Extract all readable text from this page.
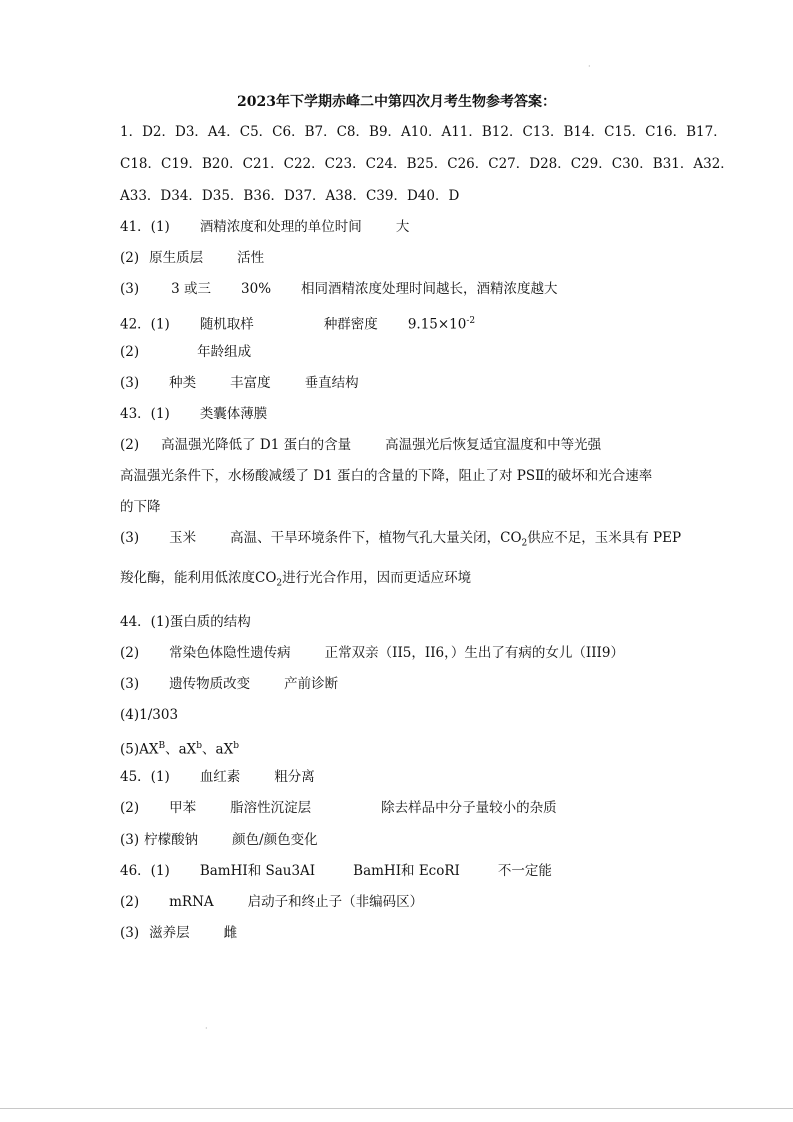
·
2023年下学期赤峰二中第四次月考生物参考答案：
1．D2．D3．A4．C5．C6．B7．C8．B9．A10．A11．B12．C13．B14．C15．C16．B17．
C18．C19．B20．C21．C22．C23．C24．B25．C26．C27．D28．C29．C30．B31．A32．
A33．D34．D35．B36．D37．A38．C39．D40．D
41．(1) 酒精浓度和处理的单位时间	大
(2) 原生质层	活性
(3) 3 或三 30% 相同酒精浓度处理时间越长，酒精浓度越大
42．(1) 随机取样	种群密度 $9.15\times 10^{-2}$
(2)	年龄组成
(3) 种类	丰富度	垂直结构
43．(1) 类囊体薄膜
(2) 高温强光降低了 D1 蛋白的含量	高温强光后恢复适宜温度和中等光强
高温强光条件下，水杨酸减缓了 D1 蛋白的含量的下降，阻止了对 PSⅡ的破坏和光合速率
的下降
(3) 玉米	高温、干旱环境条件下，植物气孔大量关闭，$CO_2$供应不足，玉米具有 PEP
羧化酶，能利用低浓度$CO_2$进行光合作用，因而更适应环境
44．(1)蛋白质的结构
(2) 常染色体隐性遗传病	正常双亲（II5，II6，）生出了有病的女儿（III9）
(3) 遗传物质改变	产前诊断
(4)1/303
$(5)AX^B$、$aX^b$、$aX^b$
45．(1) 血红素	粗分离
(2) 甲苯	脂溶性沉淀层	除去样品中分子量较小的杂质
(3) 柠檬酸钠	颜色/颜色变化
46．(1) BamHⅠ和 Sau3AⅠ	BamHⅠ和 EcoRⅠ	不一定能
(2) mRNA	启动子和终止子（非编码区）
(3) 滋养层	雌
·
